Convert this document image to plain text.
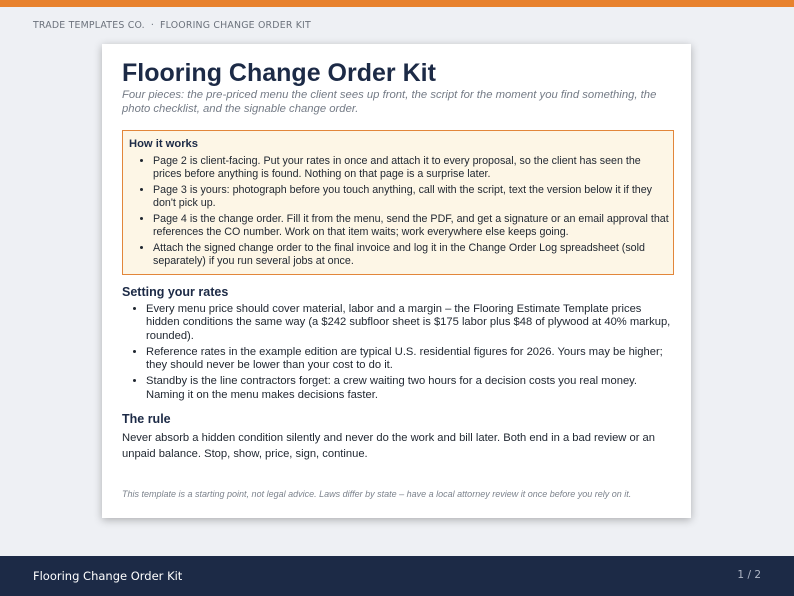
TRADE TEMPLATES CO. · FLOORING CHANGE ORDER KIT
Flooring Change Order Kit

Four pieces: the pre-priced menu the client sees up front, the script for the moment you find something, the photo checklist, and the signable change order.

How it works
• Page 2 is client-facing. Put your rates in once and attach it to every proposal, so the client has seen the prices before anything is found. Nothing on that page is a surprise later.
• Page 3 is yours: photograph before you touch anything, call with the script, text the version below it if they don't pick up.
• Page 4 is the change order. Fill it from the menu, send the PDF, and get a signature or an email approval that references the CO number. Work on that item waits; work everywhere else keeps going.
• Attach the signed change order to the final invoice and log it in the Change Order Log spreadsheet (sold separately) if you run several jobs at once.
Setting your rates
• Every menu price should cover material, labor and a margin – the Flooring Estimate Template prices hidden conditions the same way (a $242 subfloor sheet is $175 labor plus $48 of plywood at 40% markup, rounded).
• Reference rates in the example edition are typical U.S. residential figures for 2026. Yours may be higher; they should never be lower than your cost to do it.
• Standby is the line contractors forget: a crew waiting two hours for a decision costs you real money. Naming it on the menu makes decisions faster.
The rule

Never absorb a hidden condition silently and never do the work and bill later. Both end in a bad review or an unpaid balance. Stop, show, price, sign, continue.

This template is a starting point, not legal advice. Laws differ by state – have a local attorney review it once before you rely on it.
Flooring Change Order Kit	1 / 2
